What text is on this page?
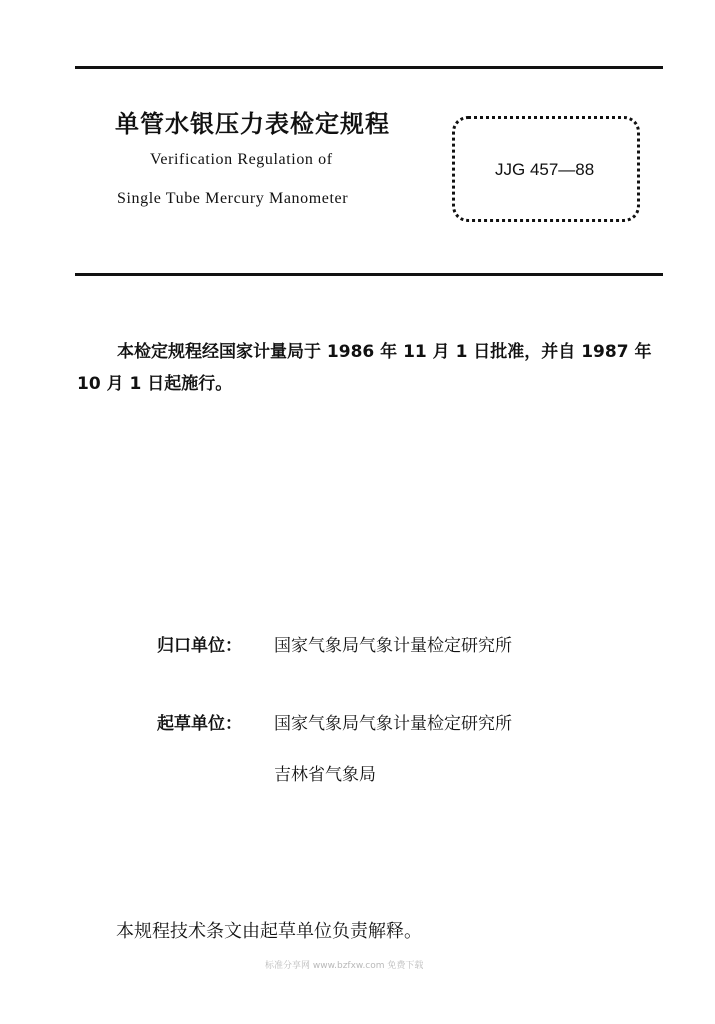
单管水银压力表检定规程
Verification Regulation of
Single Tube Mercury Manometer
JJG 457—88
本检定规程经国家计量局于 1986 年 11 月 1 日批准，并自 1987 年 10 月 1 日起施行。
归口单位： 国家气象局气象计量检定研究所
起草单位： 国家气象局气象计量检定研究所
吉林省气象局
本规程技术条文由起草单位负责解释。
标准分享网 www.bzfxw.com 免费下载
